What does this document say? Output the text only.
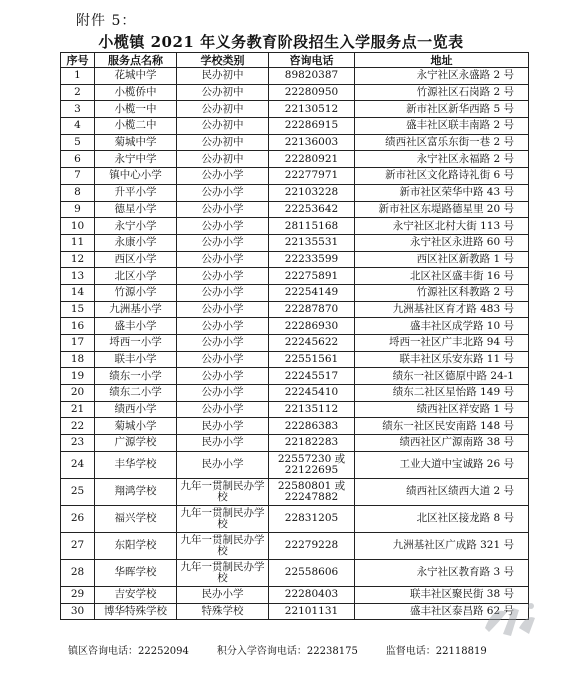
附件 5：
小榄镇 2021 年义务教育阶段招生入学服务点一览表
序号	服务点名称	学校类别	咨询电话	地址
1	花城中学	民办初中	89820387	永宁社区永盛路 2 号
2	小榄侨中	公办初中	22280950	竹源社区石岗路 2 号
3	小榄一中	公办初中	22130512	新市社区新华西路 5 号
4	小榄二中	公办初中	22286915	盛丰社区联丰南路 2 号
5	菊城中学	公办初中	22136003	绩西社区富乐东街一巷 2 号
6	永宁中学	公办初中	22280921	永宁社区永福路 2 号
7	镇中心小学	公办小学	22277971	新市社区文化路诗礼街 6 号
8	升平小学	公办小学	22103228	新市社区荣华中路 43 号
9	德星小学	公办小学	22253642	新市社区东堤路德星里 20 号
10	永宁小学	公办小学	28115168	永宁社区北村大街 113 号
11	永康小学	公办小学	22135531	永宁社区永进路 60 号
12	西区小学	公办小学	22233599	西区社区新教路 1 号
13	北区小学	公办小学	22275891	北区社区盛丰街 16 号
14	竹源小学	公办小学	22254149	竹源社区科教路 2 号
15	九洲基小学	公办小学	22287870	九洲基社区育才路 483 号
16	盛丰小学	公办小学	22286930	盛丰社区成学路 10 号
17	埒西一小学	公办小学	22245622	埒西一社区广丰北路 94 号
18	联丰小学	公办小学	22551561	联丰社区乐安东路 11 号
19	绩东一小学	公办小学	22245517	绩东一社区德原中路 24-1
20	绩东二小学	公办小学	22245410	绩东二社区星怡路 149 号
21	绩西小学	公办小学	22135112	绩西社区祥安路 1 号
22	菊城小学	民办小学	22286383	绩东一社区民安南路 148 号
23	广源学校	民办小学	22182283	绩西社区广源南路 38 号
24	丰华学校	民办小学	22557230 或 22122695	工业大道中宝诚路 26 号
25	翔鸿学校	九年一贯制民办学校	22580801 或 22247882	绩西社区绩西大道 2 号
26	福兴学校	九年一贯制民办学校	22831205	北区社区接龙路 8 号
27	东阳学校	九年一贯制民办学校	22279228	九洲基社区广成路 321 号
28	华晖学校	九年一贯制民办学校	22558606	永宁社区教育路 3 号
29	吉安学校	民办小学	22280403	联丰社区聚民街 38 号
30	博华特殊学校	特殊学校	22101131	盛丰社区泰昌路 62 号
镇区咨询电话：22252094	积分入学咨询电话：22238175	监督电话：22118819
